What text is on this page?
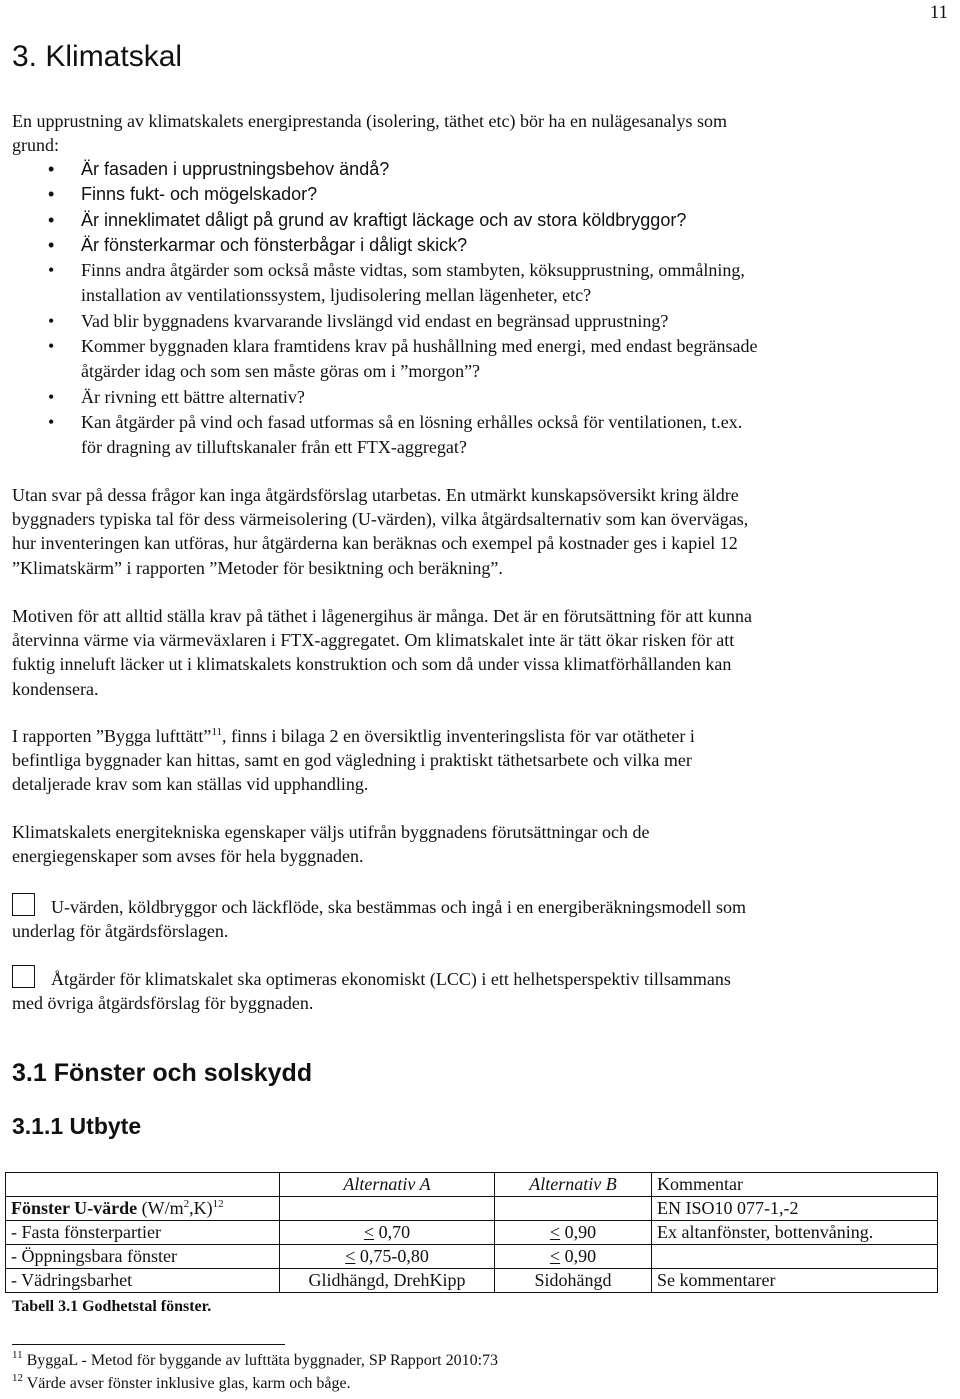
11
3. Klimatskal

En upprustning av klimatskalets energiprestanda (isolering, täthet etc) bör ha en nulägesanalys som
grund:

• Är fasaden i upprustningsbehov ändå?
• Finns fukt- och mögelskador?
• Är inneklimatet dåligt på grund av kraftigt läckage och av stora köldbryggor?
• Är fönsterkarmar och fönsterbågar i dåligt skick?
• Finns andra åtgärder som också måste vidtas, som stambyten, köksupprustning, ommålning,
installation av ventilationssystem, ljudisolering mellan lägenheter, etc?
• Vad blir byggnadens kvarvarande livslängd vid endast en begränsad upprustning?
• Kommer byggnaden klara framtidens krav på hushållning med energi, med endast begränsade
åtgärder idag och som sen måste göras om i ”morgon”?
• Är rivning ett bättre alternativ?
• Kan åtgärder på vind och fasad utformas så en lösning erhålles också för ventilationen, t.ex.
för dragning av tilluftskanaler från ett FTX-aggregat?

Utan svar på dessa frågor kan inga åtgärdsförslag utarbetas. En utmärkt kunskapsöversikt kring äldre
byggnaders typiska tal för dess värmeisolering (U-värden), vilka åtgärdsalternativ som kan övervägas,
hur inventeringen kan utföras, hur åtgärderna kan beräknas och exempel på kostnader ges i kapiel 12
”Klimatskärm” i rapporten ”Metoder för besiktning och beräkning”.

Motiven för att alltid ställa krav på täthet i lågenergihus är många. Det är en förutsättning för att kunna
återvinna värme via värmeväxlaren i FTX-aggregatet. Om klimatskalet inte är tätt ökar risken för att
fuktig inneluft läcker ut i klimatskalets konstruktion och som då under vissa klimatförhållanden kan
kondensera.

I rapporten ”Bygga lufttätt”$^{11}$, finns i bilaga 2 en översiktlig inventeringslista för var otätheter i
befintliga byggnader kan hittas, samt en god vägledning i praktiskt täthetsarbete och vilka mer
detaljerade krav som kan ställas vid upphandling.

Klimatskalets energitekniska egenskaper väljs utifrån byggnadens förutsättningar och de
energiegenskaper som avses för hela byggnaden.

U-värden, köldbryggor och läckflöde, ska bestämmas och ingå i en energiberäkningsmodell som
underlag för åtgärdsförslagen.

Åtgärder för klimatskalet ska optimeras ekonomiskt (LCC) i ett helhetsperspektiv tillsammans
med övriga åtgärdsförslag för byggnaden.

3.1 Fönster och solskydd
3.1.1 Utbyte
	Alternativ A	Alternativ B	Kommentar
Fönster U-värde $(W/m^2,K)^{12}$			EN ISO10 077-1,-2
- Fasta fönsterpartier	< 0,70	< 0,90	Ex altanfönster, bottenvåning.
- Öppningsbara fönster	< 0,75-0,80	< 0,90	
- Vädringsbarhet	Glidhängd, DrehKipp	Sidohängd	Se kommentarer
Tabell 3.1 Godhetstal fönster.
$^{11}$ ByggaL - Metod för byggande av lufttäta byggnader, SP Rapport 2010:73
$^{12}$ Värde avser fönster inklusive glas, karm och båge.
